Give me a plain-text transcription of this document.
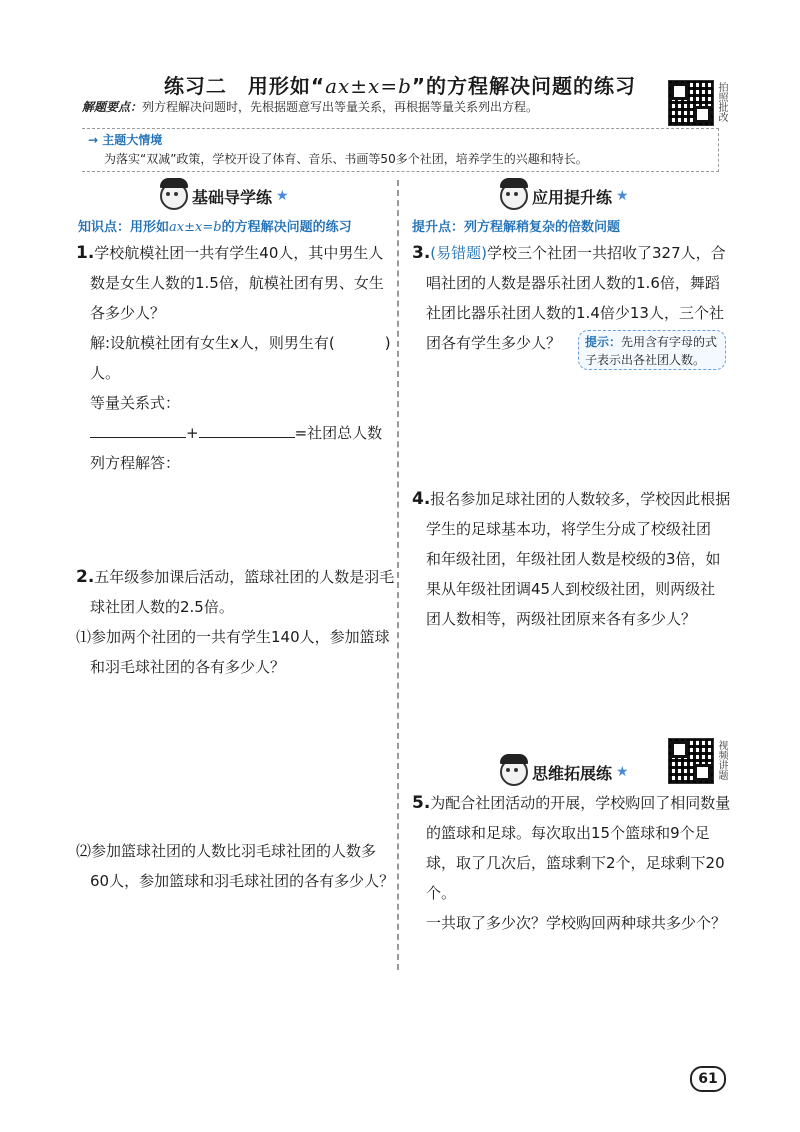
练习二　用形如“ax±x=b”的方程解决问题的练习
解题要点：列方程解决问题时，先根据题意写出等量关系，再根据等量关系列出方程。	拍照批改
→ 主题大情境
为落实“双减”政策，学校开设了体育、音乐、书画等50多个社团，培养学生的兴趣和特长。
基础导学练 ★
知识点：用形如ax±x=b的方程解决问题的练习
1.学校航模社团一共有学生40人，其中男生人
数是女生人数的1.5倍，航模社团有男、女生
各多少人？
解:设航模社团有女生x人，则男生有(	)人。
等量关系式：
+	=社团总人数
列方程解答：
2.五年级参加课后活动，篮球社团的人数是羽毛
球社团人数的2.5倍。
⑴参加两个社团的一共有学生140人，参加篮球
和羽毛球社团的各有多少人？
⑵参加篮球社团的人数比羽毛球社团的人数多
60人，参加篮球和羽毛球社团的各有多少人？
应用提升练 ★
提升点：列方程解稍复杂的倍数问题
3.(易错题)学校三个社团一共招收了327人，合
唱社团的人数是器乐社团人数的1.6倍，舞蹈
社团比器乐社团人数的1.4倍少13人，三个社
团各有学生多少人？	提示：先用含有字母的式
子表示出各社团人数。
4.报名参加足球社团的人数较多，学校因此根据
学生的足球基本功，将学生分成了校级社团
和年级社团，年级社团人数是校级的3倍，如
果从年级社团调45人到校级社团，则两级社
团人数相等，两级社团原来各有多少人？
思维拓展练 ★	视频讲题
5.为配合社团活动的开展，学校购回了相同数量
的篮球和足球。每次取出15个篮球和9个足
球，取了几次后，篮球剩下2个，足球剩下20个。
一共取了多少次？学校购回两种球共多少个？
61
